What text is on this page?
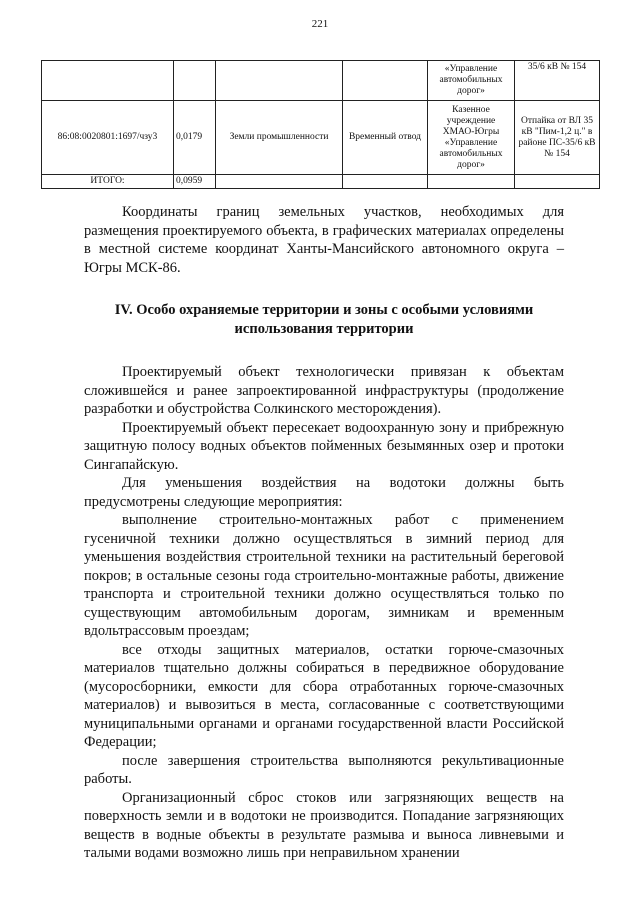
221
				«Управление автомобильных дорог»	35/6 кВ № 154
86:08:0020801:1697/чзу3	0,0179	Земли промышленности	Временный отвод	Казенное учреждение ХМАО-Югры «Управление автомобильных дорог»	Отпайка от ВЛ 35 кВ "Пим-1,2 ц." в районе ПС-35/6 кВ № 154
ИТОГО:	0,0959				

Координаты границ земельных участков, необходимых для размещения проектируемого объекта, в графических материалах определены в местной системе координат Ханты-Мансийского автономного округа – Югры МСК-86.

IV. Особо охраняемые территории и зоны с особыми условиями использования территории

Проектируемый объект технологически привязан к объектам сложившейся и ранее запроектированной инфраструктуры (продолжение разработки и обустройства Солкинского месторождения).

Проектируемый объект пересекает водоохранную зону и прибрежную защитную полосу водных объектов пойменных безымянных озер и протоки Сингапайскую.

Для уменьшения воздействия на водотоки должны быть предусмотрены следующие мероприятия:

выполнение строительно-монтажных работ с применением гусеничной техники должно осуществляться в зимний период для уменьшения воздействия строительной техники на растительный береговой покров; в остальные сезоны года строительно-монтажные работы, движение транспорта и строительной техники должно осуществляться только по существующим автомобильным дорогам, зимникам и временным вдольтрассовым проездам;

все отходы защитных материалов, остатки горюче-смазочных материалов тщательно должны собираться в передвижное оборудование (мусоросборники, емкости для сбора отработанных горюче-смазочных материалов) и вывозиться в места, согласованные с соответствующими муниципальными органами и органами государственной власти Российской Федерации;

после завершения строительства выполняются рекультивационные работы.

Организационный сброс стоков или загрязняющих веществ на поверхность земли и в водотоки не производится. Попадание загрязняющих веществ в водные объекты в результате размыва и выноса ливневыми и талыми водами возможно лишь при неправильном хранении
